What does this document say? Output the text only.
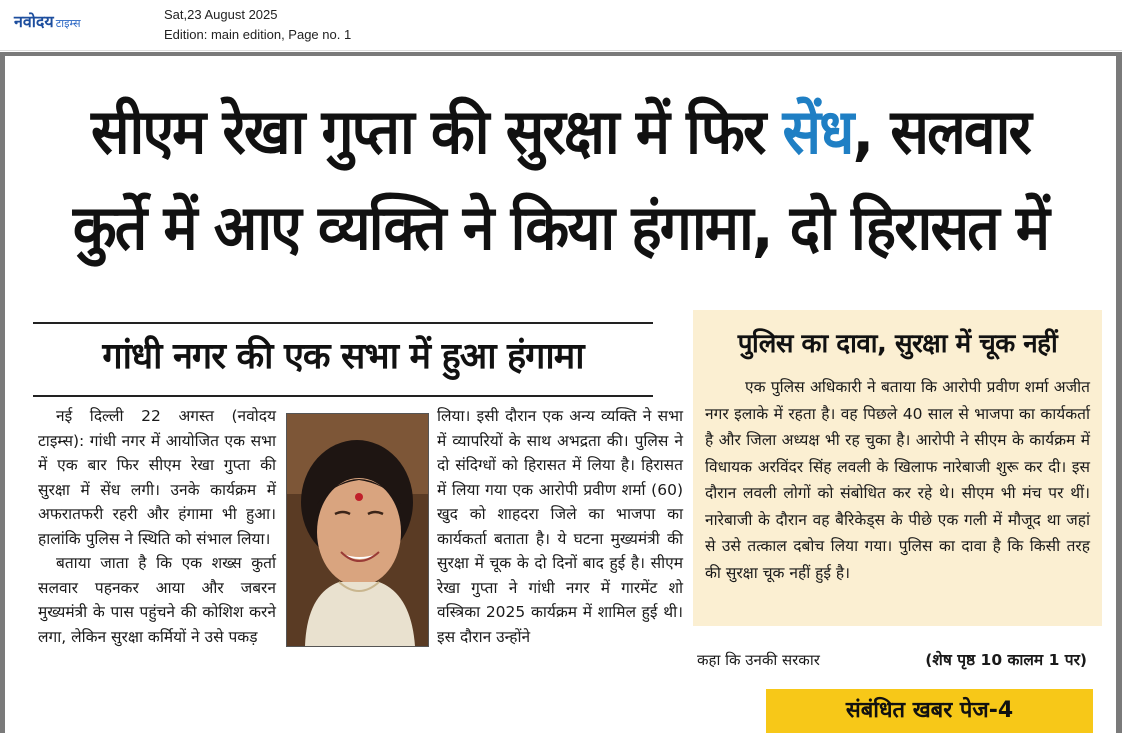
नवोदय टाइम्स
Sat,23 August 2025
Edition: main edition, Page no. 1
सीएम रेखा गुप्ता की सुरक्षा में फिर सेंध, सलवार
कुर्ते में आए व्यक्ति ने किया हंगामा, दो हिरासत में
गांधी नगर की एक सभा में हुआ हंगामा

नई दिल्ली 22 अगस्त (नवोदय टाइम्स): गांधी नगर में आयोजित एक सभा में एक बार फिर सीएम रेखा गुप्ता की सुरक्षा में सेंध लगी। उनके कार्यक्रम में अफरातफरी रहरी और हंगामा भी हुआ। हालांकि पुलिस ने स्थिति को संभाल लिया।

बताया जाता है कि एक शख्स कुर्ता सलवार पहनकर आया और जबरन मुख्यमंत्री के पास पहुंचने की कोशिश करने लगा, लेकिन सुरक्षा कर्मियों ने उसे पकड़

लिया। इसी दौरान एक अन्य व्यक्ति ने सभा में व्यापरियों के साथ अभद्रता की। पुलिस ने दो संदिग्धों को हिरासत में लिया है। हिरासत में लिया गया एक आरोपी प्रवीण शर्मा (60) खुद को शाहदरा जिले का भाजपा का कार्यकर्ता बताता है। ये घटना मुख्यमंत्री की सुरक्षा में चूक के दो दिनों बाद हुई है। सीएम रेखा गुप्ता ने गांधी नगर में गारमेंट शो वस्त्रिका 2025 कार्यक्रम में शामिल हुई थी। इस दौरान उन्होंने

पुलिस का दावा, सुरक्षा में चूक नहीं
एक पुलिस अधिकारी ने बताया कि आरोपी प्रवीण शर्मा अजीत नगर इलाके में रहता है। वह पिछले 40 साल से भाजपा का कार्यकर्ता है और जिला अध्यक्ष भी रह चुका है। आरोपी ने सीएम के कार्यक्रम में विधायक अरविंदर सिंह लवली के खिलाफ नारेबाजी शुरू कर दी। इस दौरान लवली लोगों को संबोधित कर रहे थे। सीएम भी मंच पर थीं। नारेबाजी के दौरान वह बैरिकेड्स के पीछे एक गली में मौजूद था जहां से उसे तत्काल दबोच लिया गया। पुलिस का दावा है कि किसी तरह की सुरक्षा चूक नहीं हुई है।
कहा कि उनकी सरकार	(शेष पृष्ठ 10 कालम 1 पर)
संबंधित खबर पेज-4
